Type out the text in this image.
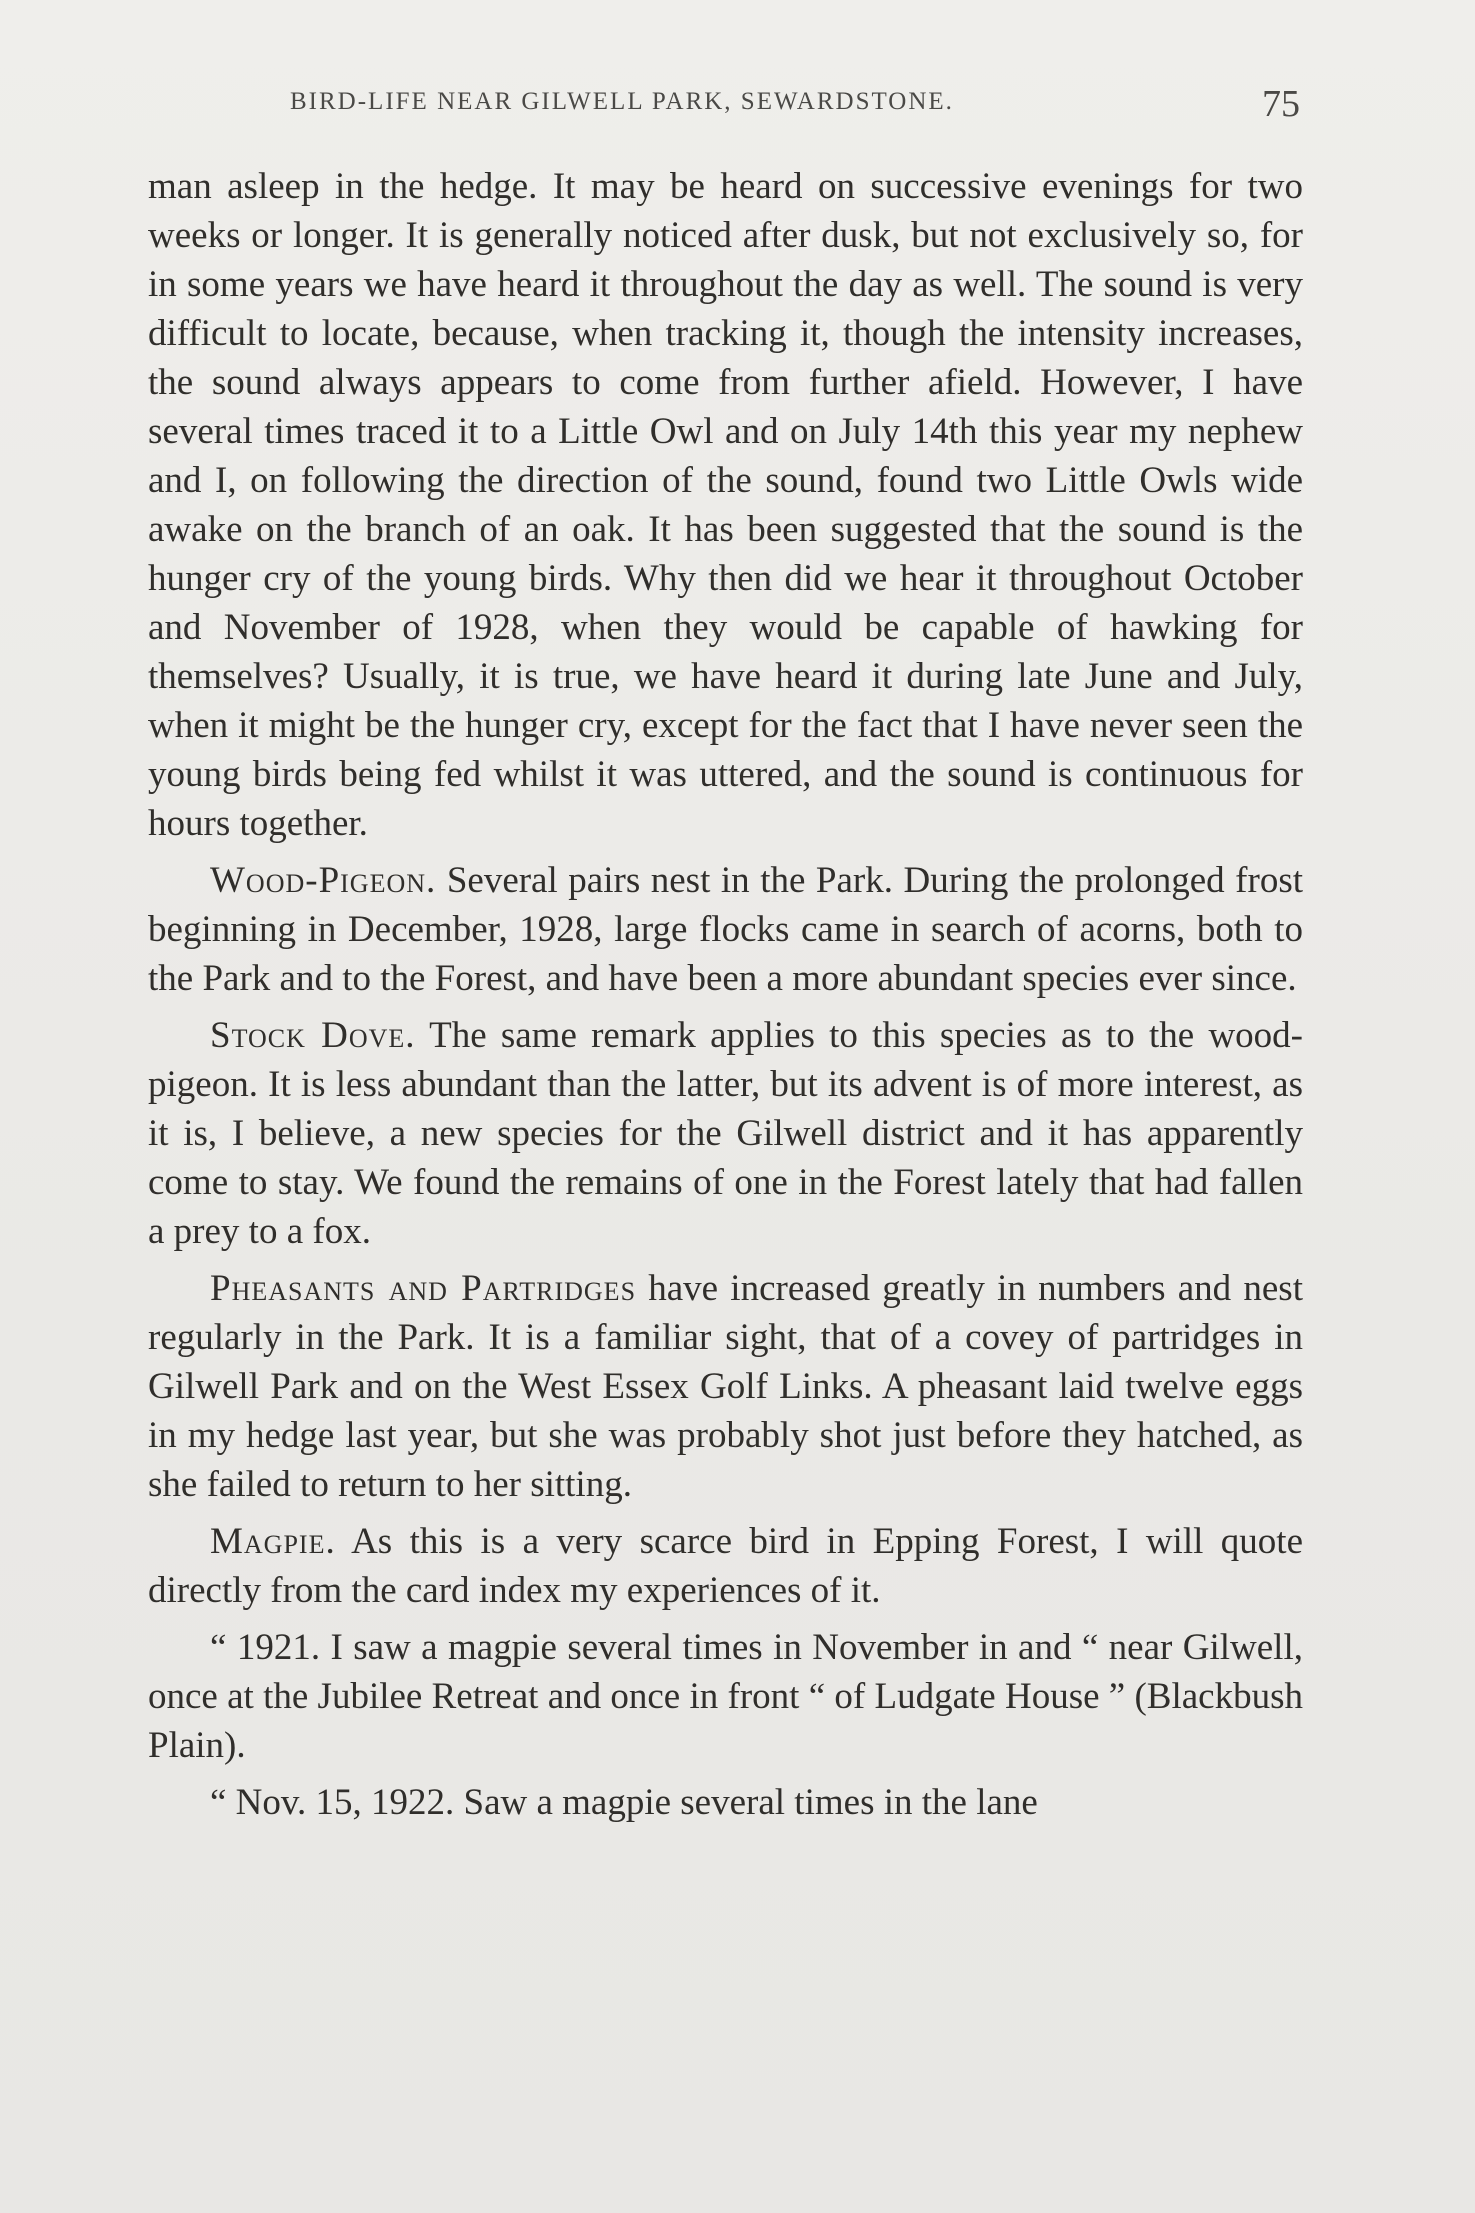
BIRD-LIFE NEAR GILWELL PARK, SEWARDSTONE.	75

man asleep in the hedge. It may be heard on successive evenings for two weeks or longer. It is generally noticed after dusk, but not exclusively so, for in some years we have heard it throughout the day as well. The sound is very difficult to locate, because, when tracking it, though the intensity increases, the sound always appears to come from further afield. However, I have several times traced it to a Little Owl and on July 14th this year my nephew and I, on following the direction of the sound, found two Little Owls wide awake on the branch of an oak. It has been suggested that the sound is the hunger cry of the young birds. Why then did we hear it throughout October and November of 1928, when they would be capable of hawking for themselves? Usually, it is true, we have heard it during late June and July, when it might be the hunger cry, except for the fact that I have never seen the young birds being fed whilst it was uttered, and the sound is continuous for hours together.

Wood-Pigeon. Several pairs nest in the Park. During the prolonged frost beginning in December, 1928, large flocks came in search of acorns, both to the Park and to the Forest, and have been a more abundant species ever since.

Stock Dove. The same remark applies to this species as to the wood-pigeon. It is less abundant than the latter, but its advent is of more interest, as it is, I believe, a new species for the Gilwell district and it has apparently come to stay. We found the remains of one in the Forest lately that had fallen a prey to a fox.

Pheasants and Partridges have increased greatly in numbers and nest regularly in the Park. It is a familiar sight, that of a covey of partridges in Gilwell Park and on the West Essex Golf Links. A pheasant laid twelve eggs in my hedge last year, but she was probably shot just before they hatched, as she failed to return to her sitting.

Magpie. As this is a very scarce bird in Epping Forest, I will quote directly from the card index my experiences of it.

“ 1921. I saw a magpie several times in November in and “ near Gilwell, once at the Jubilee Retreat and once in front “ of Ludgate House ” (Blackbush Plain).

“ Nov. 15, 1922. Saw a magpie several times in the lane
